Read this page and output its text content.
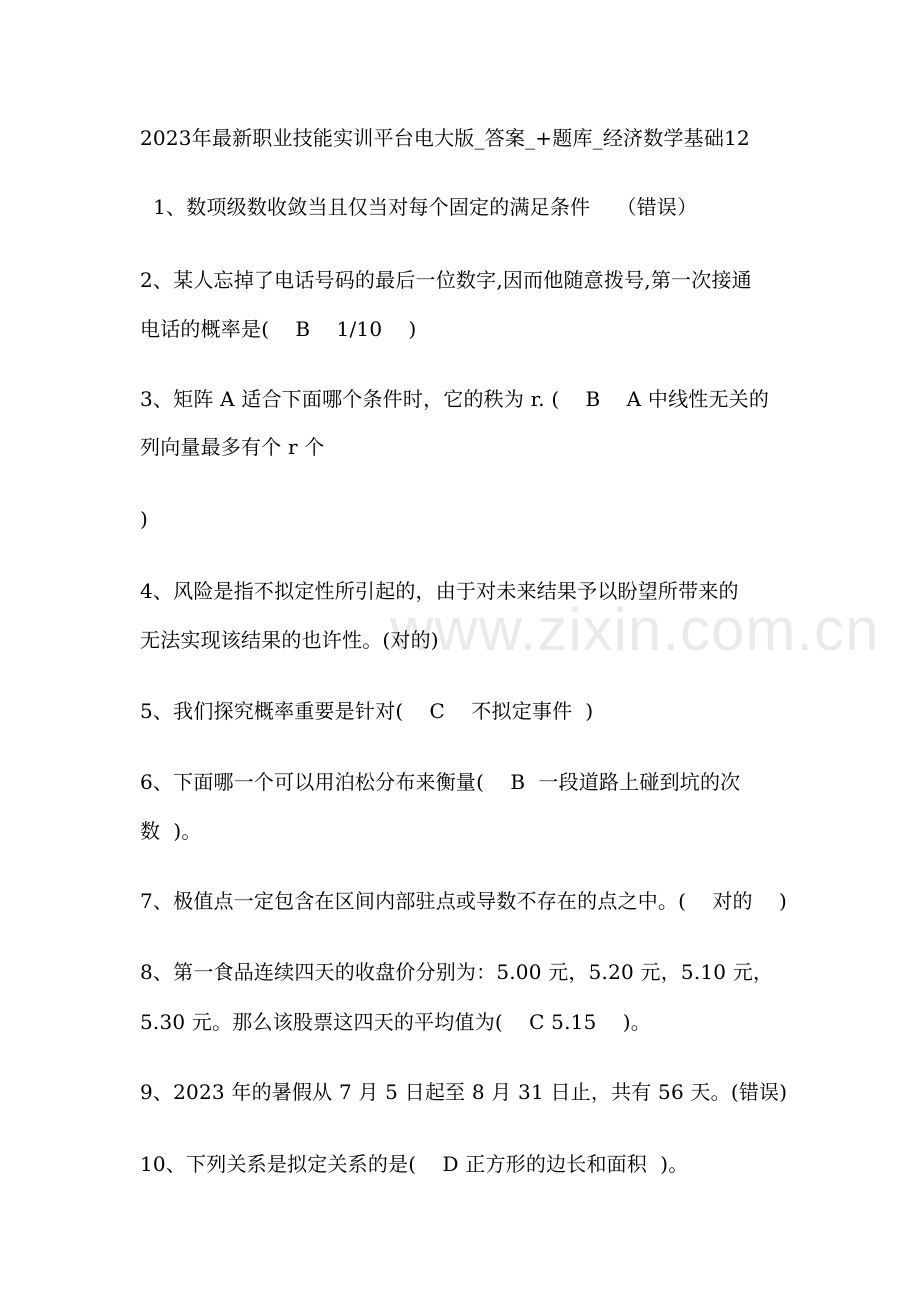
www.zixin.com.cn
2023年最新职业技能实训平台电大版_答案_+题库_经济数学基础12
1、数项级数收敛当且仅当对每个固定的满足条件    （错误）
2、某人忘掉了电话号码的最后一位数字,因而他随意拨号,第一次接通
电话的概率是(    B    1/10    )
3、矩阵 A 适合下面哪个条件时，它的秩为 r. (    B    A 中线性无关的
列向量最多有个 r 个
)
4、风险是指不拟定性所引起的，由于对未来结果予以盼望所带来的
无法实现该结果的也许性。(对的)
5、我们探究概率重要是针对(    C    不拟定事件  )
6、下面哪一个可以用泊松分布来衡量(    B  一段道路上碰到坑的次
数  )。
7、极值点一定包含在区间内部驻点或导数不存在的点之中。(    对的    )
8、第一食品连续四天的收盘价分别为：5.00 元，5.20 元，5.10 元，
5.30 元。那么该股票这四天的平均值为(    C 5.15    )。
9、2023 年的暑假从 7 月 5 日起至 8 月 31 日止，共有 56 天。(错误)
10、下列关系是拟定关系的是(    D 正方形的边长和面积  )。
